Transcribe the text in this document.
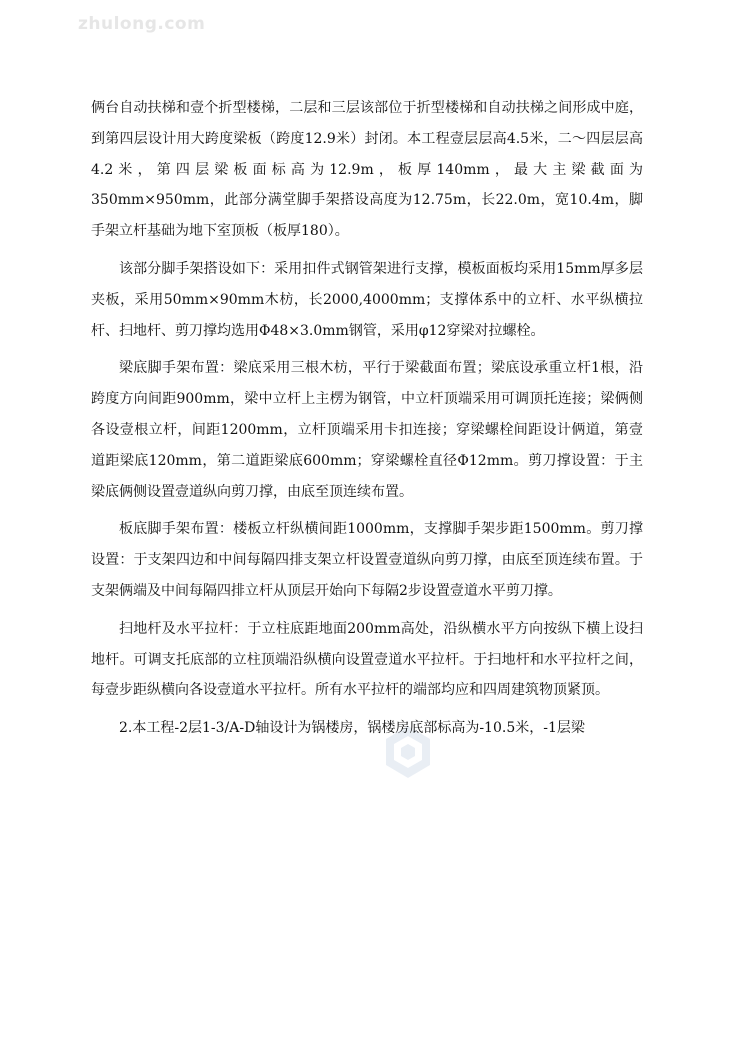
zhulong.com

俩台自动扶梯和壹个折型楼梯，二层和三层该部位于折型楼梯和自动扶梯之间形成中庭，到第四层设计用大跨度梁板（跨度12.9米）封闭。本工程壹层层高4.5米，二～四层层高4.2米，第四层梁板面标高为12.9m，板厚140mm，最大主梁截面为350mm×950mm，此部分满堂脚手架搭设高度为12.75m，长22.0m，宽10.4m，脚手架立杆基础为地下室顶板（板厚180）。

该部分脚手架搭设如下：采用扣件式钢管架进行支撑，模板面板均采用15mm厚多层夹板，采用50mm×90mm木枋，长2000,4000mm；支撑体系中的立杆、水平纵横拉杆、扫地杆、剪刀撑均选用Φ48×3.0mm钢管，采用φ12穿梁对拉螺栓。

梁底脚手架布置：梁底采用三根木枋，平行于梁截面布置；梁底设承重立杆1根，沿跨度方向间距900mm，梁中立杆上主楞为钢管，中立杆顶端采用可调顶托连接；梁俩侧各设壹根立杆，间距1200mm，立杆顶端采用卡扣连接；穿梁螺栓间距设计俩道，第壹道距梁底120mm，第二道距梁底600mm；穿梁螺栓直径Φ12mm。剪刀撑设置：于主梁底俩侧设置壹道纵向剪刀撑，由底至顶连续布置。

板底脚手架布置：楼板立杆纵横间距1000mm，支撑脚手架步距1500mm。剪刀撑设置：于支架四边和中间每隔四排支架立杆设置壹道纵向剪刀撑，由底至顶连续布置。于支架俩端及中间每隔四排立杆从顶层开始向下每隔2步设置壹道水平剪刀撑。

扫地杆及水平拉杆：于立柱底距地面200mm高处，沿纵横水平方向按纵下横上设扫地杆。可调支托底部的立柱顶端沿纵横向设置壹道水平拉杆。于扫地杆和水平拉杆之间，每壹步距纵横向各设壹道水平拉杆。所有水平拉杆的端部均应和四周建筑物顶紧顶。

2.本工程-2层1-3/A-D轴设计为锅楼房，锅楼房底部标高为-10.5米，-1层梁
